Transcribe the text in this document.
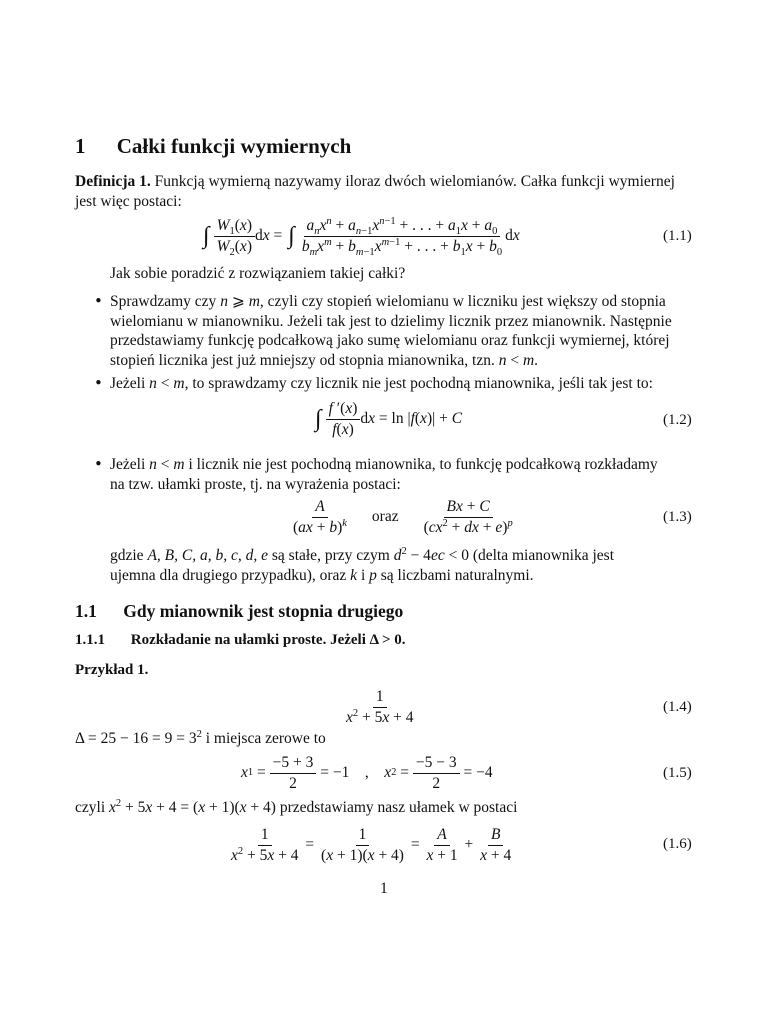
1 Całki funkcji wymiernych
Definicja 1. Funkcją wymierną nazywamy iloraz dwóch wielomianów. Całka funkcji wymiernej
jest więc postaci:
∫ $\frac{W_1(x)}{W_2(x)}$ dx = ∫ $\frac{a_nx^n + a_{n-1}x^{n-1} + . . . + a_1x + a_0}{b_mx^m + b_{m-1}x^{m-1} + . . . + b_1x + b_0}$ dx	(1.1)
Jak sobie poradzić z rozwiązaniem takiej całki?
• Sprawdzamy czy n ⩾ m, czyli czy stopień wielomianu w liczniku jest większy od stopnia
wielomianu w mianowniku. Jeżeli tak jest to dzielimy licznik przez mianownik. Następnie
przedstawiamy funkcję podcałkową jako sumę wielomianu oraz funkcji wymiernej, której
stopień licznika jest już mniejszy od stopnia mianownika, tzn. n < m.
• Jeżeli n < m, to sprawdzamy czy licznik nie jest pochodną mianownika, jeśli tak jest to:
∫ $\frac{f '(x)}{f(x)}$ dx = ln |f(x)| + C	(1.2)
• Jeżeli n < m i licznik nie jest pochodną mianownika, to funkcję podcałkową rozkładamy
na tzw. ułamki proste, tj. na wyrażenia postaci:
$\frac{A}{(ax + b)^k}$ oraz $\frac{Bx + C}{(cx^2 + dx + e)^p}$	(1.3)
gdzie A, B, C, a, b, c, d, e są stałe, przy czym $d^2 - 4ec < 0$ (delta mianownika jest
ujemna dla drugiego przypadku), oraz k i p są liczbami naturalnymi.
1.1 Gdy mianownik jest stopnia drugiego
1.1.1 Rozkładanie na ułamki proste. Jeżeli Δ > 0.
Przykład 1.
$\frac{1}{x^2 + 5x + 4}$	(1.4)
$\Delta = 25 - 16 = 9 = 3^2$ i miejsca zerowe to
x $1 = \frac{-5 + 3}{2} = -1$    , x $2 = \frac{-5 - 3}{2} = -4$	(1.5)
czyli $x^2 + 5x + 4 = (x + 1)(x + 4)$ przedstawiamy nasz ułamek w postaci
$\frac{1}{x^2 + 5x + 4} = \frac{1}{(x + 1)(x + 4)} = \frac{A}{x + 1} + \frac{B}{x + 4}$	(1.6)
1
